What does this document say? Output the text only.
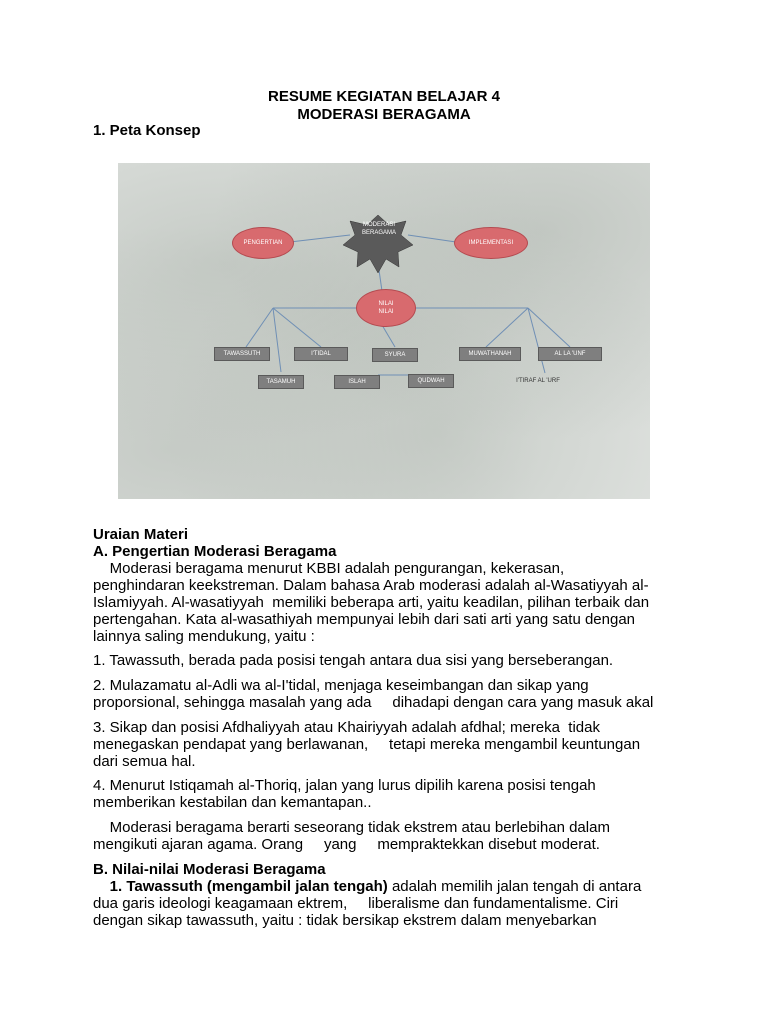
RESUME KEGIATAN BELAJAR 4
MODERASI BERAGAMA
1. Peta Konsep
MODERASI
BERAGAMA
PENGERTIAN	IMPLEMENTASI
NILAI
NILAI
TAWASSUTH	I'TIDAL	SYURA	MUWATHANAH	AL LA 'UNF
TASAMUH	ISLAH	QUDWAH	I'TIRAF AL 'URF
Uraian Materi
A. Pengertian Moderasi Beragama
Moderasi beragama menurut KBBI adalah pengurangan, kekerasan,
penghindaran keekstreman. Dalam bahasa Arab moderasi adalah al-Wasatiyyah al-
Islamiyyah. Al-wasatiyyah  memiliki beberapa arti, yaitu keadilan, pilihan terbaik dan
pertengahan. Kata al-wasathiyah mempunyai lebih dari sati arti yang satu dengan
lainnya saling mendukung, yaitu :
1. Tawassuth, berada pada posisi tengah antara dua sisi yang berseberangan.
2. Mulazamatu al-Adli wa al-I'tidal, menjaga keseimbangan dan sikap yang
proporsional, sehingga masalah yang ada     dihadapi dengan cara yang masuk akal
3. Sikap dan posisi Afdhaliyyah atau Khairiyyah adalah afdhal; mereka  tidak
menegaskan pendapat yang berlawanan,     tetapi mereka mengambil keuntungan
dari semua hal.
4. Menurut Istiqamah al-Thoriq, jalan yang lurus dipilih karena posisi tengah
memberikan kestabilan dan kemantapan..
Moderasi beragama berarti seseorang tidak ekstrem atau berlebihan dalam
mengikuti ajaran agama. Orang     yang     mempraktekkan disebut moderat.
B. Nilai-nilai Moderasi Beragama
1. Tawassuth (mengambil jalan tengah) adalah memilih jalan tengah di antara
dua garis ideologi keagamaan ektrem,     liberalisme dan fundamentalisme. Ciri
dengan sikap tawassuth, yaitu : tidak bersikap ekstrem dalam menyebarkan
